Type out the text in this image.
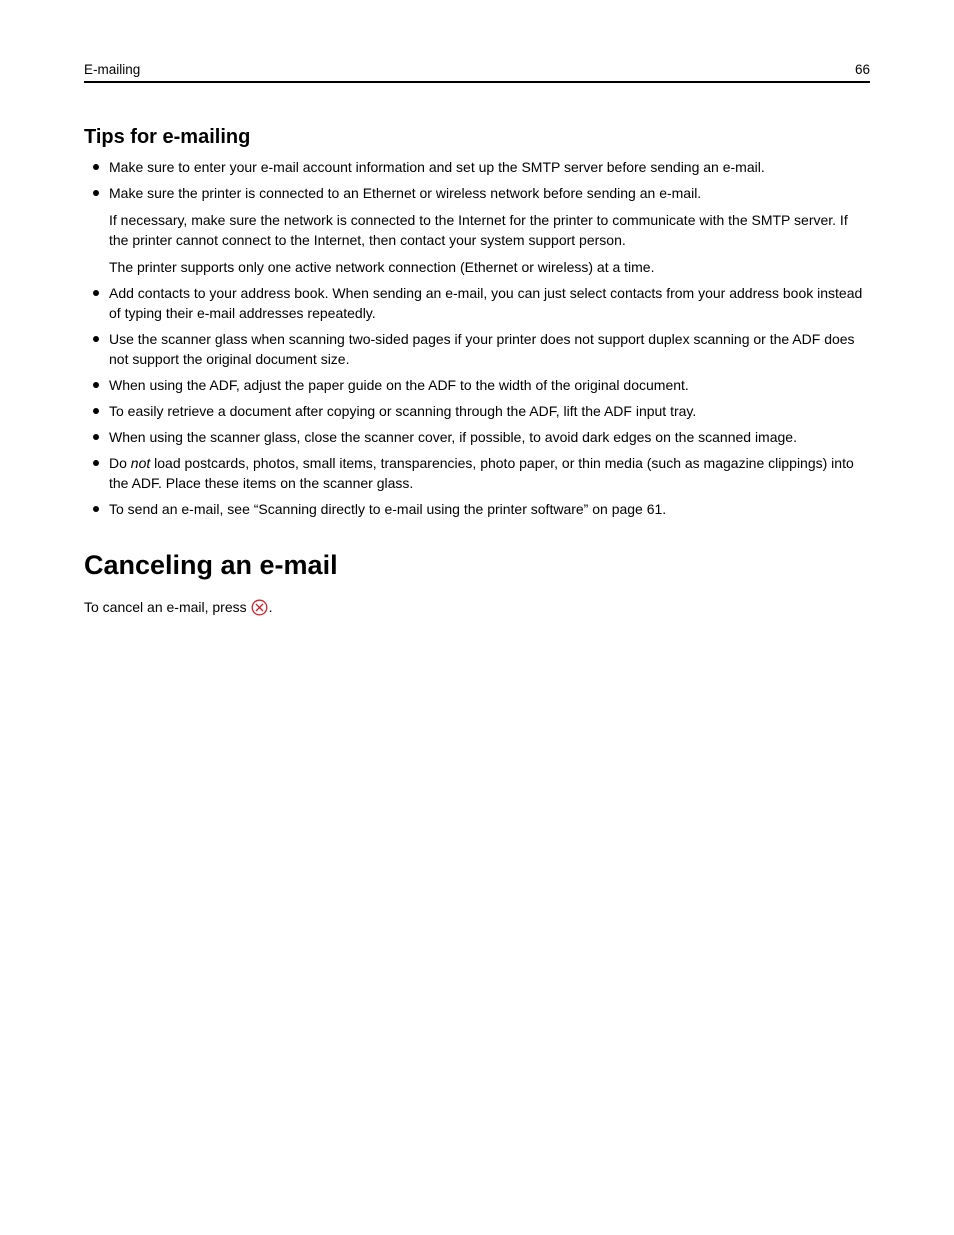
E-mailing	66
Tips for e-mailing

Make sure to enter your e-mail account information and set up the SMTP server before sending an e-mail.

Make sure the printer is connected to an Ethernet or wireless network before sending an e-mail.

If necessary, make sure the network is connected to the Internet for the printer to communicate with the SMTP server. If the printer cannot connect to the Internet, then contact your system support person.

The printer supports only one active network connection (Ethernet or wireless) at a time.

Add contacts to your address book. When sending an e-mail, you can just select contacts from your address book instead of typing their e-mail addresses repeatedly.

Use the scanner glass when scanning two-sided pages if your printer does not support duplex scanning or the ADF does not support the original document size.

When using the ADF, adjust the paper guide on the ADF to the width of the original document.

To easily retrieve a document after copying or scanning through the ADF, lift the ADF input tray.

When using the scanner glass, close the scanner cover, if possible, to avoid dark edges on the scanned image.

Do not load postcards, photos, small items, transparencies, photo paper, or thin media (such as magazine clippings) into the ADF. Place these items on the scanner glass.

To send an e-mail, see “Scanning directly to e-mail using the printer software” on page 61.

Canceling an e-mail

To cancel an e-mail, press .
